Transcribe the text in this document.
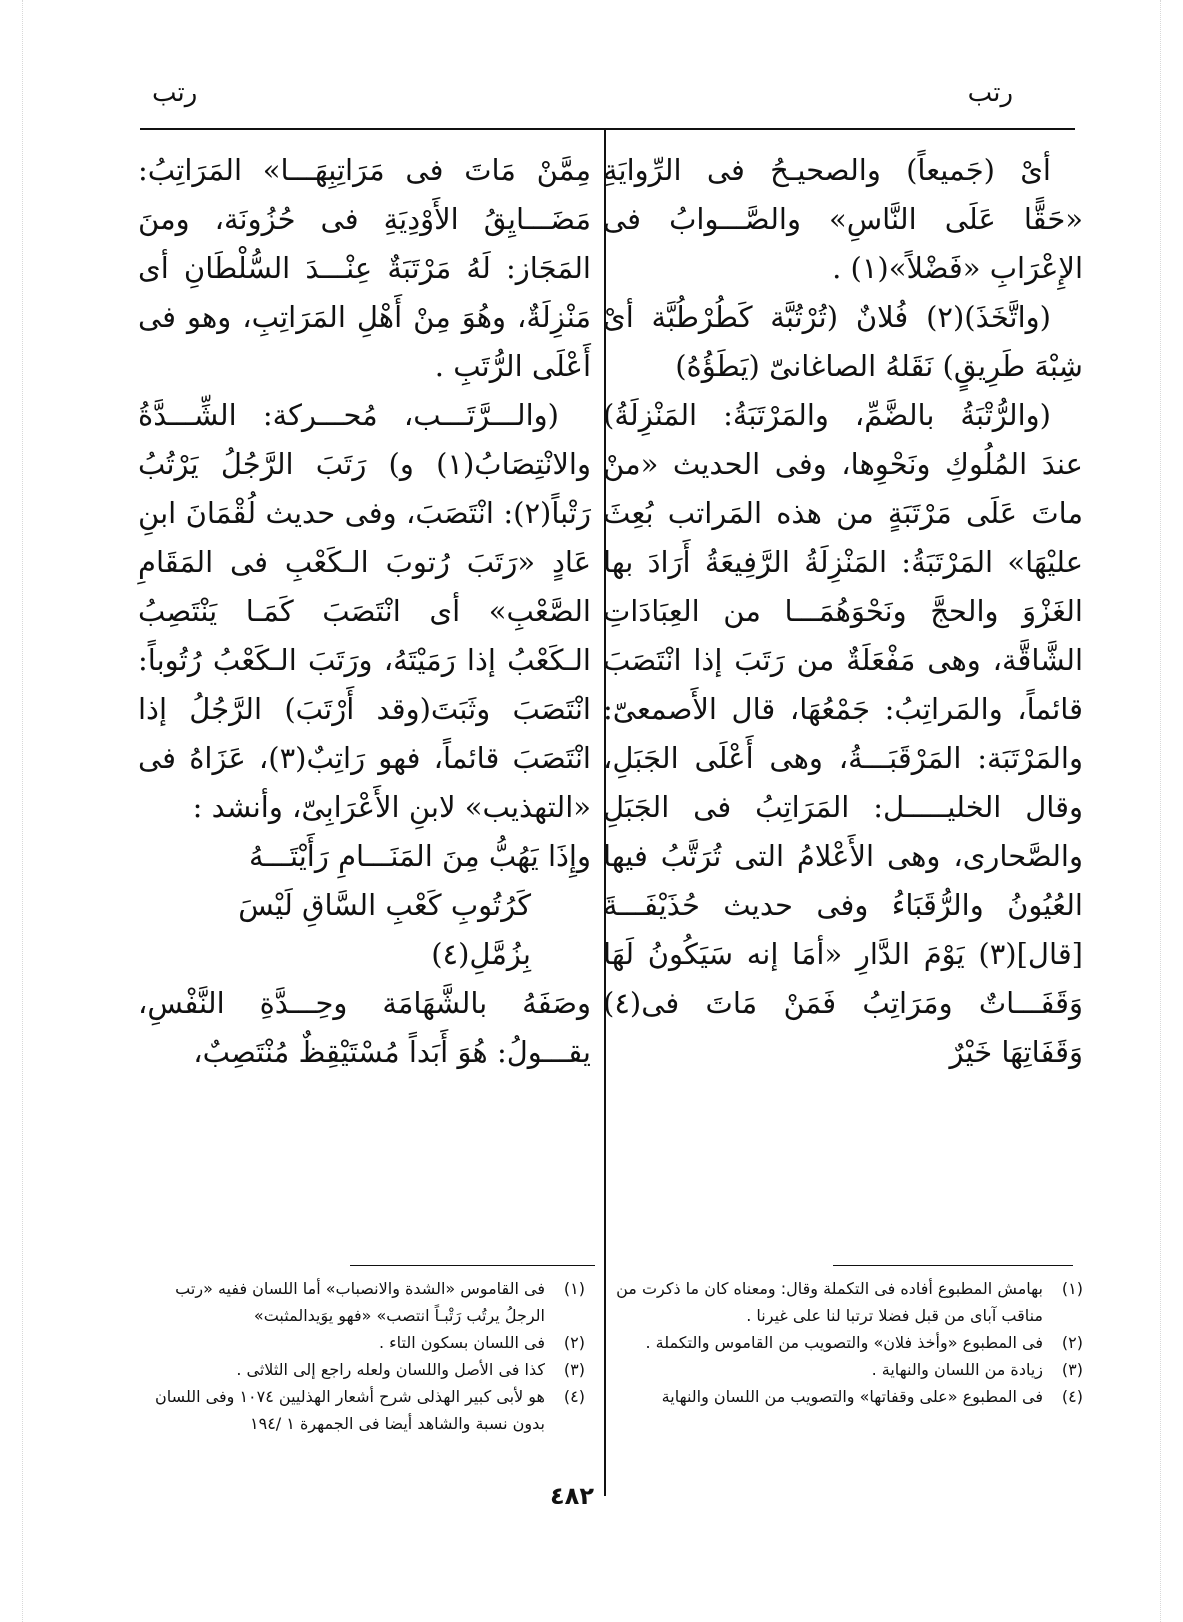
رتب
رتب

أىْ (جَميعاً) والصحيـحُ فى الرِّوايَةِ «حَقًّا عَلَى النَّاسِ» والصَّـــوابُ فى الإِعْرَابِ «فَضْلاً»(١) .

(واتَّخَذَ)(٢) فُلانٌ (تُرْتُبَّة كَطُرْطُبَّة أىْ شِبْهَ طَرِيقٍ) نَقَلهُ الصاغانىّ (يَطَؤُهُ)

(والرُّتْبَةُ بالضَّمِّ، والمَرْتَبَةُ: المَنْزِلَةُ) عندَ المُلُوكِ ونَحْوِها، وفى الحديث «منْ ماتَ عَلَى مَرْتَبَةٍ من هذه المَراتب بُعِثَ عليْهَا» المَرْتَبَةُ: المَنْزِلَةُ الرَّفِيعَةُ أَرَادَ بها الغَزْوَ والحجَّ ونَحْوَهُمَـــا من العِبَادَاتِ الشَّاقَّة، وهى مَفْعَلَةٌ من رَتَبَ إذا انْتَصَبَ قائماً، والمَراتِبُ: جَمْعُهَا، قال الأَصمعىّ: والمَرْتَبَة: المَرْقَبَـــةُ، وهى أَعْلَى الجَبَلِ، وقال الخليـــــل: المَرَاتِبُ فى الجَبَلِ والصَّحارى، وهى الأَعْلامُ التى تُرَتَّبُ فيها العُيُونُ والرُّقَبَاءُ وفى حديث حُذَيْفَـــةَ [قال](٣) يَوْمَ الدَّارِ «أمَا إنه سَيَكُونُ لَهَا وَقَفَـــاتٌ ومَرَاتِبُ فَمَنْ مَاتَ فى(٤) وَقَفَاتِهَا خَيْرٌ

مِمَّنْ مَاتَ فى مَرَاتِبِهَـــا» المَرَاتِبُ: مَضَـــايِقُ الأَوْدِيَةِ فى حُزُونَة، ومنَ المَجَاز: لَهُ مَرْتَبَةٌ عِنْـــدَ السُّلْطَانِ أى مَنْزِلَةٌ، وهُوَ مِنْ أَهْلِ المَرَاتِبِ، وهو فى أَعْلَى الرُّتَبِ .

(والـــرَّتَـــب، مُحـــركة: الشِّـــدَّةُ والانْتِصَابُ(١) و) رَتَبَ الرَّجُلُ يَرْتُبُ رَتْباً(٢): انْتَصَبَ، وفى حديث لُقْمَانَ ابنِ عَادٍ «رَتَبَ رُتوبَ الـكَعْبِ فى المَقَامِ الصَّعْبِ» أى انْتَصَبَ كَمَـا يَنْتَصِبُ الـكَعْبُ إذا رَمَيْتَهُ، ورَتَبَ الـكَعْبُ رُتُوباً: انْتَصَبَ وثَبَتَ(وقد أَرْتَبَ) الرَّجُلُ إذا انْتَصَبَ قائماً، فهو رَاتِبٌ(٣)، عَزَاهُ فى «التهذيب» لابنِ الأَعْرَابِىّ، وأنشد :

وإِذَا يَهُبُّ مِنَ المَنَـــامِ رَأَيْتَـــهُ
كَرُتُوبِ كَعْبِ السَّاقِ لَيْسَ بِزُمَّلِ(٤)

وصَفَهُ بالشَّهَامَة وحِـــدَّةِ النَّفْسِ، يقـــولُ: هُوَ أَبَداً مُسْتَيْقِظٌ مُنْتَصِبٌ،

(١)بهامش المطبوع أفاده فى التكملة وقال: ومعناه كان ما ذكرت من مناقب آباى من قبل فضلا ترتبا لنا على غيرنا .
(٢)فى المطبوع «وأخذ فلان» والتصويب من القاموس والتكملة .
(٣)زيادة من اللسان والنهاية .
(٤)فى المطبوع «على وقفاتها» والتصويب من اللسان والنهاية
(١)فى القاموس «الشدة والانصباب» أما اللسان ففيه «رتب الرجلُ يرتُب رَتْبـاً انتصب» «فهو يوَيدالمثبت»
(٢)فى اللسان بسكون التاء .
(٣)كذا فى الأصل واللسان ولعله راجع إلى الثلاثى .
(٤)هو لأبى كبير الهذلى شرح أشعار الهذليين ١٠٧٤ وفى اللسان بدون نسبة والشاهد أيضا فى الجمهرة ١ /١٩٤
٤٨٢
